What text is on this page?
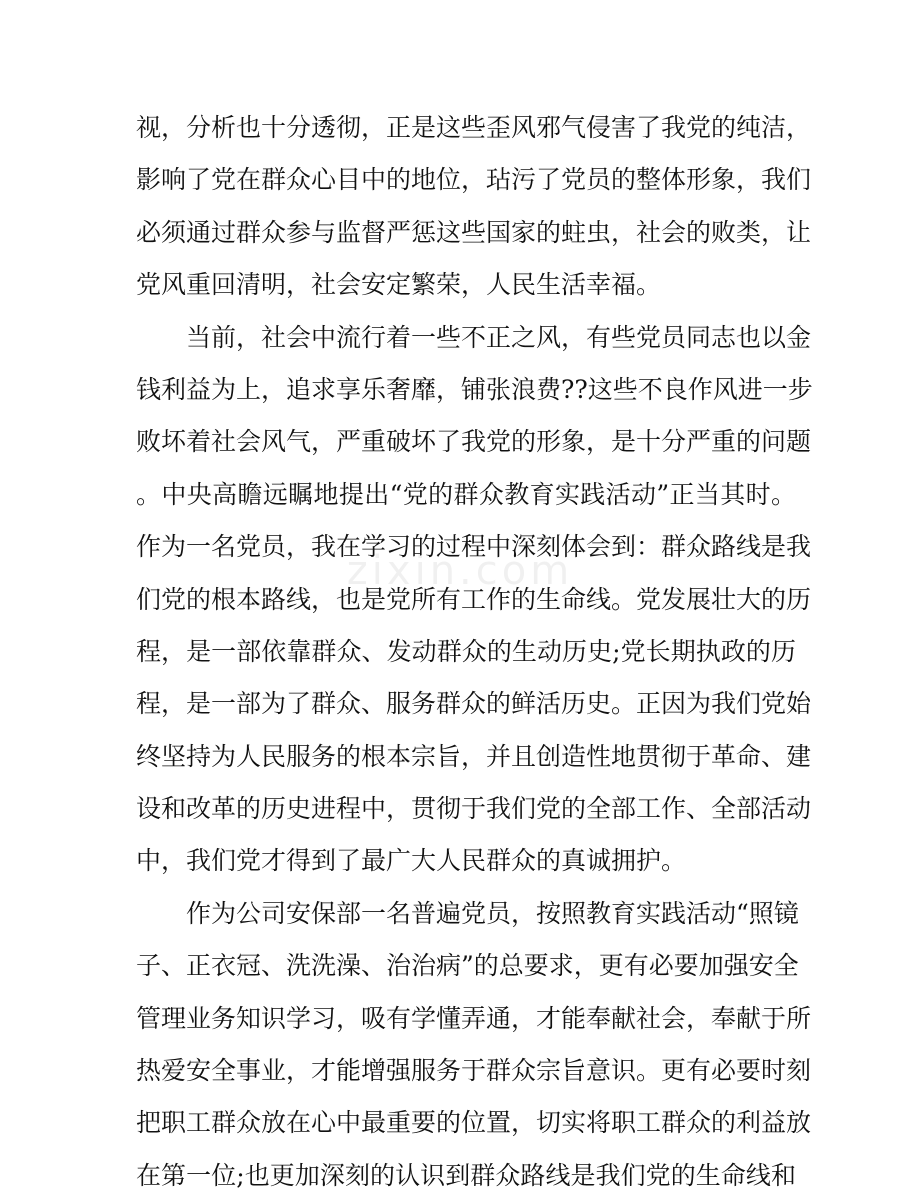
zixin.com
视，分析也十分透彻，正是这些歪风邪气侵害了我党的纯洁，
影响了党在群众心目中的地位，玷污了党员的整体形象，我们
必须通过群众参与监督严惩这些国家的蛀虫，社会的败类，让
党风重回清明，社会安定繁荣，人民生活幸福。
当前，社会中流行着一些不正之风，有些党员同志也以金
钱利益为上，追求享乐奢靡，铺张浪费??这些不良作风进一步
败坏着社会风气，严重破坏了我党的形象，是十分严重的问题
。中央高瞻远瞩地提出“党的群众教育实践活动”正当其时。
作为一名党员，我在学习的过程中深刻体会到：群众路线是我
们党的根本路线，也是党所有工作的生命线。党发展壮大的历
程，是一部依靠群众、发动群众的生动历史;党长期执政的历
程，是一部为了群众、服务群众的鲜活历史。正因为我们党始
终坚持为人民服务的根本宗旨，并且创造性地贯彻于革命、建
设和改革的历史进程中，贯彻于我们党的全部工作、全部活动
中，我们党才得到了最广大人民群众的真诚拥护。
作为公司安保部一名普遍党员，按照教育实践活动“照镜
子、正衣冠、洗洗澡、治治病”的总要求，更有必要加强安全
管理业务知识学习，吸有学懂弄通，才能奉献社会，奉献于所
热爱安全事业，才能增强服务于群众宗旨意识。更有必要时刻
把职工群众放在心中最重要的位置，切实将职工群众的利益放
在第一位;也更加深刻的认识到群众路线是我们党的生命线和
